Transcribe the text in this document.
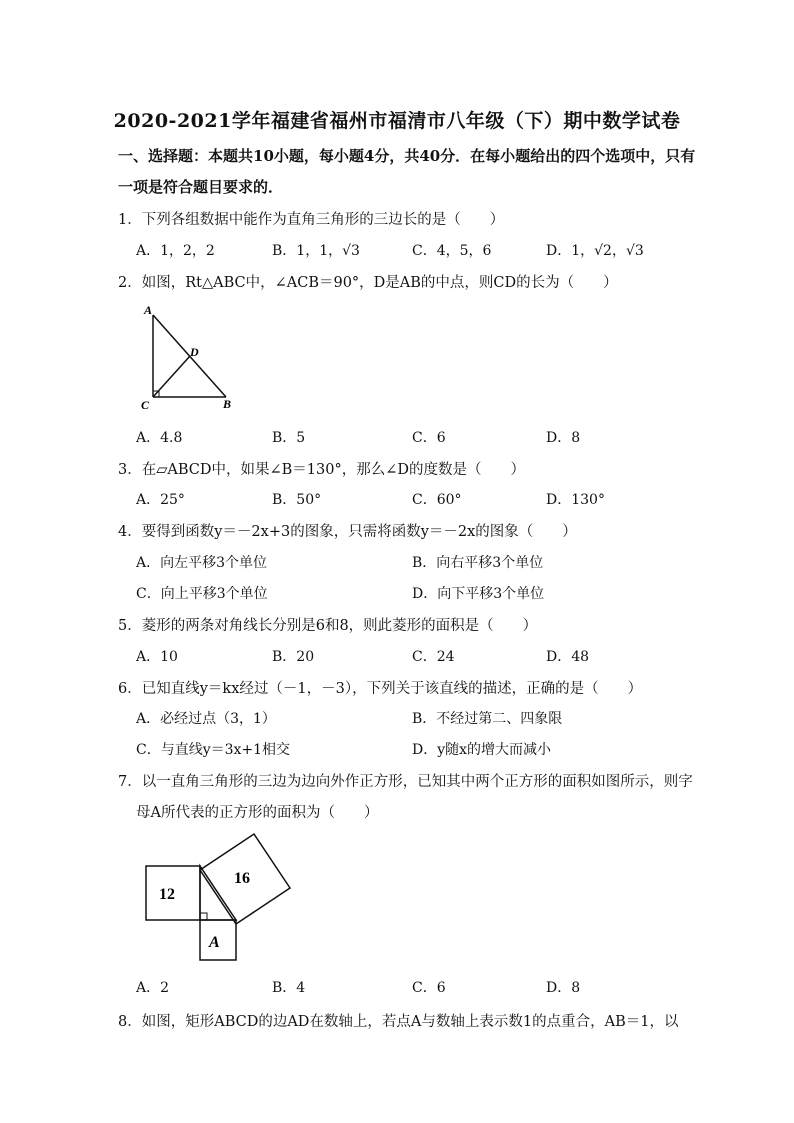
2020-2021学年福建省福州市福清市八年级（下）期中数学试卷
一、选择题：本题共10小题，每小题4分，共40分．在每小题给出的四个选项中，只有
一项是符合题目要求的．
1．下列各组数据中能作为直角三角形的三边长的是（　　）
A．1，2，2	B．1，1，√3	C．4，5，6	D．1，√2，√3
2．如图，Rt△ABC中，∠ACB＝90°，D是AB的中点，则CD的长为（　　）
A
D
C	B
A．4.8	B．5	C．6	D．8
3．在▱ABCD中，如果∠B＝130°，那么∠D的度数是（　　）
A．25°	B．50°	C．60°	D．130°
4．要得到函数y＝－2x+3的图象，只需将函数y＝－2x的图象（　　）
A．向左平移3个单位	B．向右平移3个单位
C．向上平移3个单位	D．向下平移3个单位
5．菱形的两条对角线长分别是6和8，则此菱形的面积是（　　）
A．10	B．20	C．24	D．48
6．已知直线y＝kx经过（－1，－3），下列关于该直线的描述，正确的是（　　）
A．必经过点（3，1）	B．不经过第二、四象限
C．与直线y＝3x+1相交	D．y随x的增大而减小
7．以一直角三角形的三边为边向外作正方形，已知其中两个正方形的面积如图所示，则字
母A所代表的正方形的面积为（　　）
12
16
A
A．2	B．4	C．6	D．8
8．如图，矩形ABCD的边AD在数轴上，若点A与数轴上表示数1的点重合，AB＝1，以
